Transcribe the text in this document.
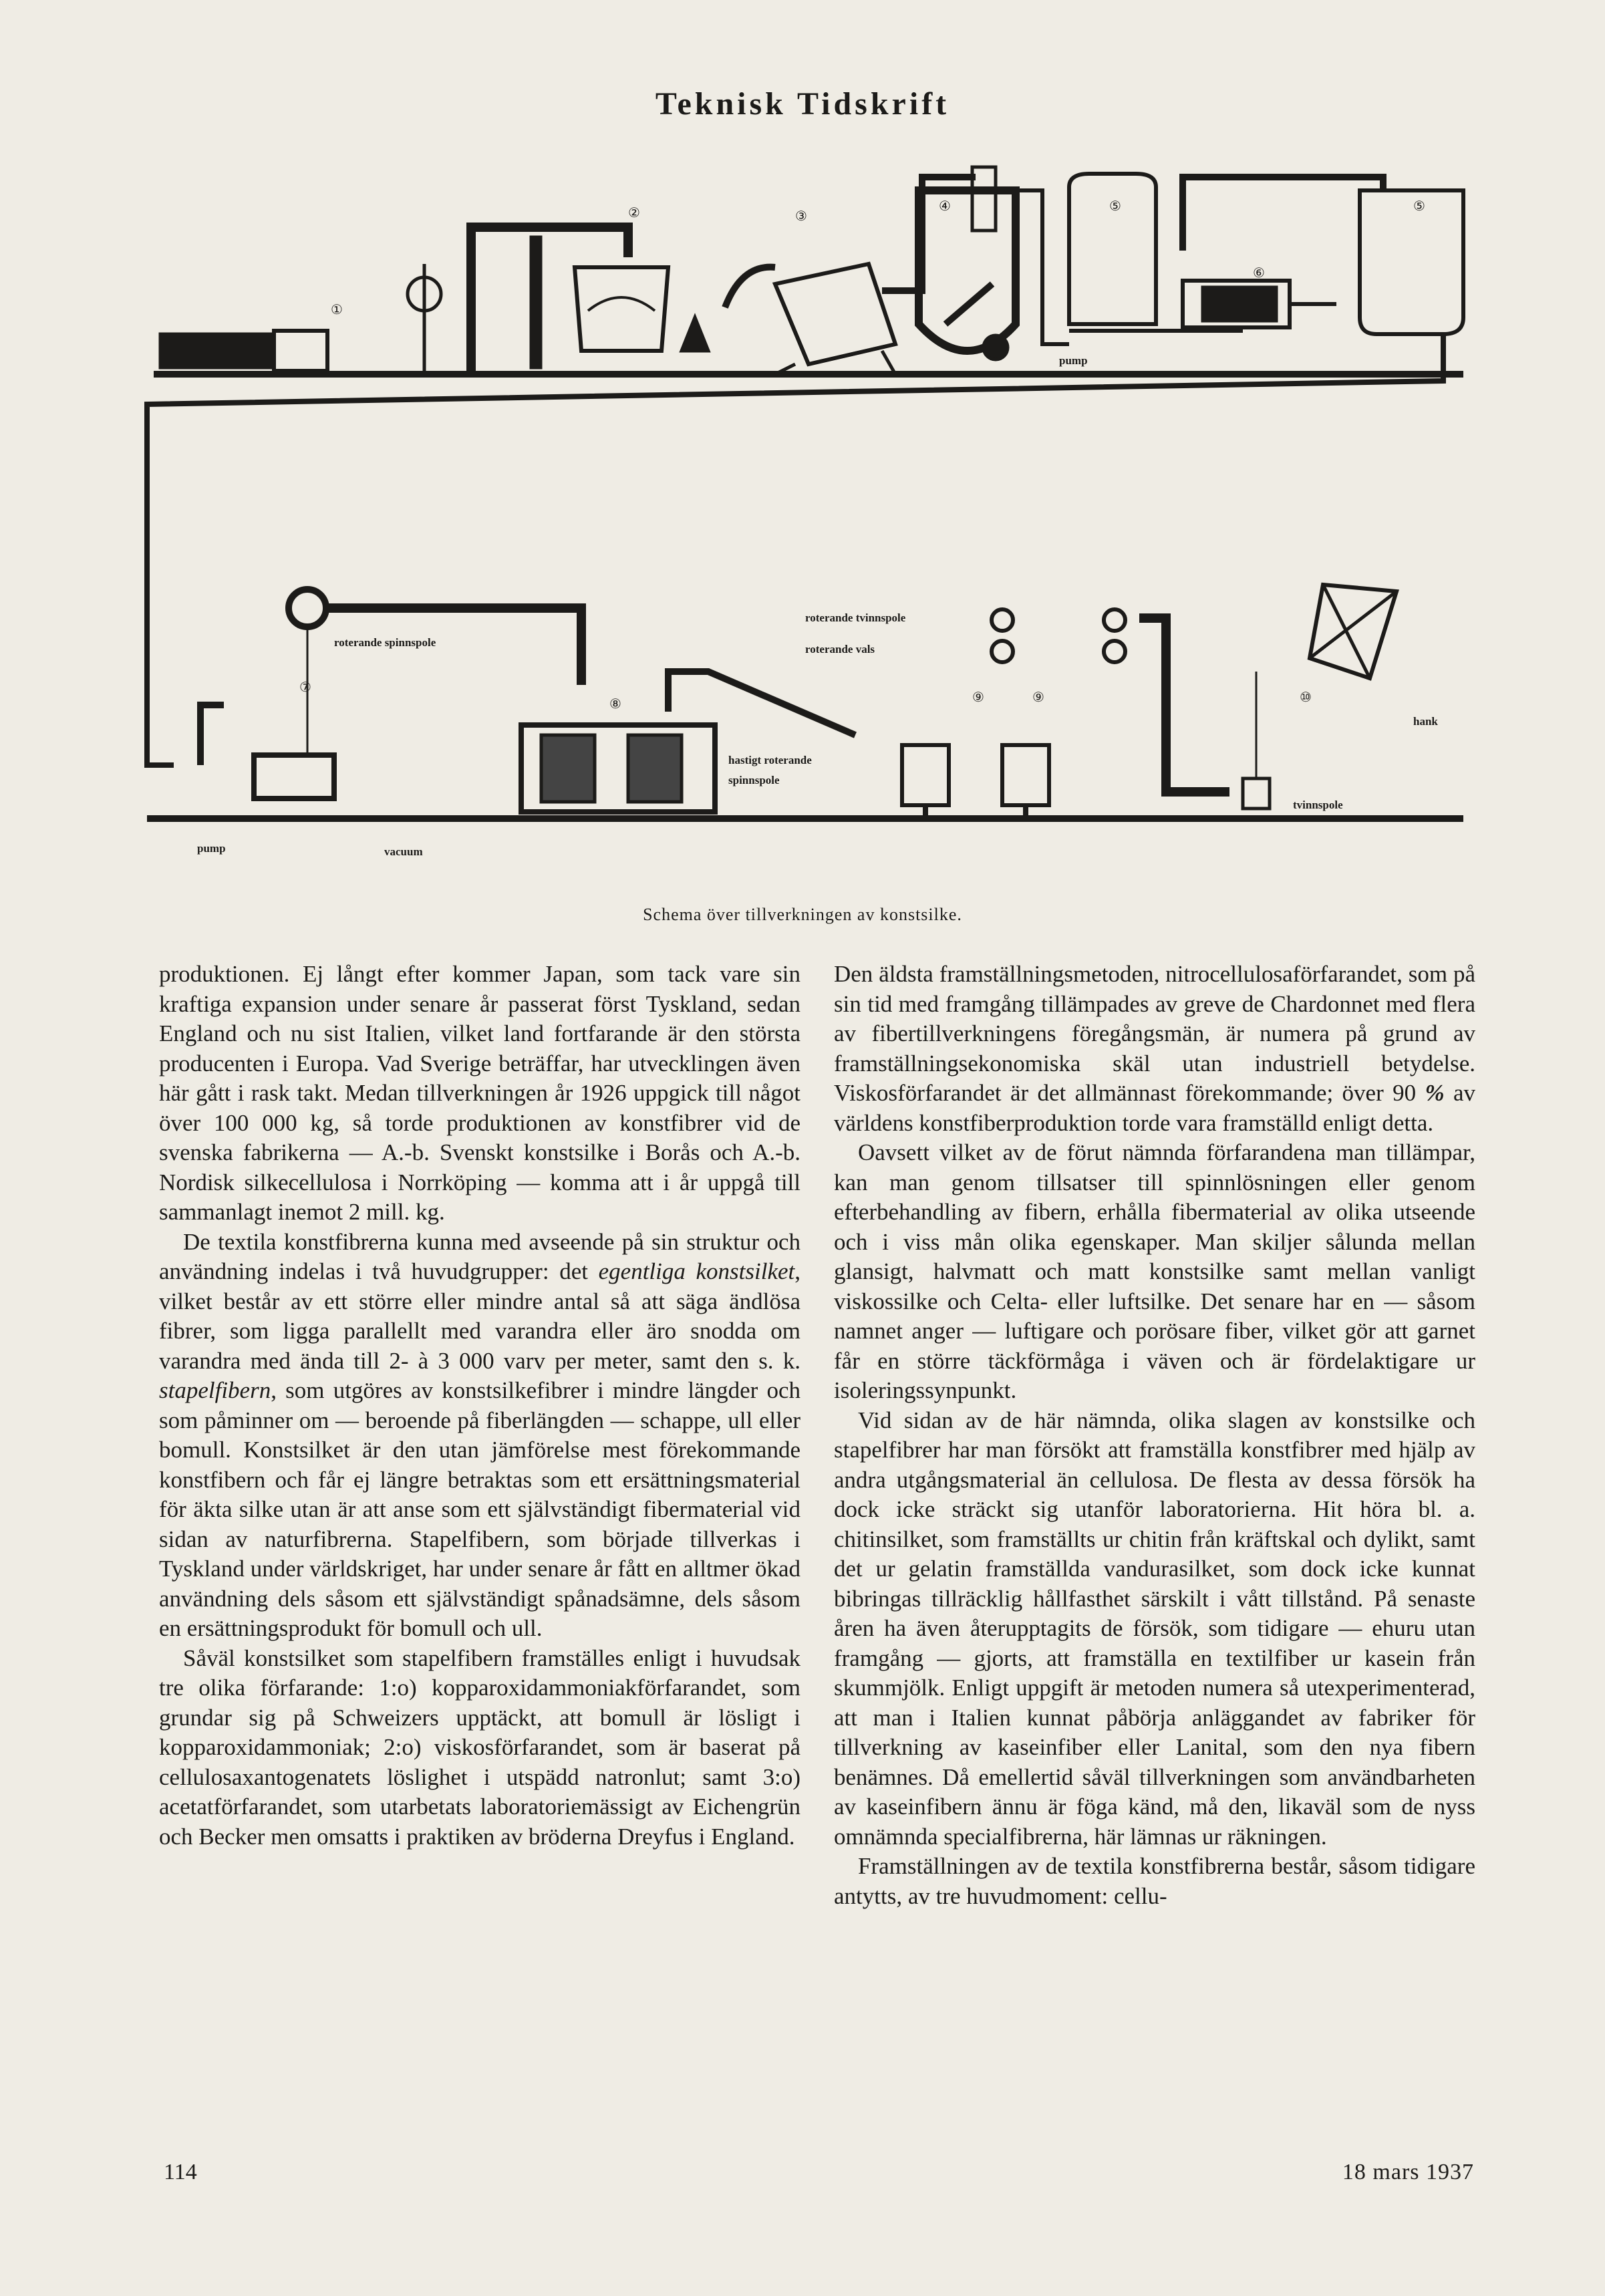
Teknisk Tidskrift
①
②	③
④	⑤	⑤
⑥
⑦
⑧	⑨	⑨	⑩
pump
roterande spinnspole
roterande tvinnspole
roterande vals
hastigt roterande
spinnspole
hank
tvinnspole
pump	vacuum
Schema över tillverkningen av konstsilke.

produktionen. Ej långt efter kommer Japan, som tack vare sin kraftiga expansion under senare år passerat först Tyskland, sedan England och nu sist Italien, vilket land fortfarande är den största producenten i Europa. Vad Sverige beträffar, har utvecklingen även här gått i rask takt. Medan tillverkningen år 1926 uppgick till något över 100 000 kg, så torde produktionen av konstfibrer vid de svenska fabrikerna — A.-b. Svenskt konstsilke i Borås och A.-b. Nordisk silkecellulosa i Norrköping — komma att i år uppgå till sammanlagt inemot 2 mill. kg.

De textila konstfibrerna kunna med avseende på sin struktur och användning indelas i två huvudgrupper: det egentliga konstsilket, vilket består av ett större eller mindre antal så att säga ändlösa fibrer, som ligga parallellt med varandra eller äro snodda om varandra med ända till 2- à 3 000 varv per meter, samt den s. k. stapelfibern, som utgöres av konstsilkefibrer i mindre längder och som påminner om — beroende på fiberlängden — schappe, ull eller bomull. Konstsilket är den utan jämförelse mest förekommande konstfibern och får ej längre betraktas som ett ersättningsmaterial för äkta silke utan är att anse som ett självständigt fibermaterial vid sidan av naturfibrerna. Stapelfibern, som började tillverkas i Tyskland under världskriget, har under senare år fått en alltmer ökad användning dels såsom ett självständigt spånadsämne, dels såsom en ersättningsprodukt för bomull och ull.

Såväl konstsilket som stapelfibern framställes enligt i huvudsak tre olika förfarande: 1:o) kopparoxidammoniakförfarandet, som grundar sig på Schweizers upptäckt, att bomull är lösligt i kopparoxidammoniak; 2:o) viskosförfarandet, som är baserat på cellulosaxantogenatets löslighet i utspädd natronlut; samt 3:o) acetatförfarandet, som utarbetats laboratoriemässigt av Eichengrün och Becker men omsatts i praktiken av bröderna Dreyfus i England.

Den äldsta framställningsmetoden, nitrocellulosaförfarandet, som på sin tid med framgång tillämpades av greve de Chardonnet med flera av fibertillverkningens föregångsmän, är numera på grund av framställningsekonomiska skäl utan industriell betydelse. Viskosförfarandet är det allmännast förekommande; över 90 % av världens konstfiberproduktion torde vara framställd enligt detta.

Oavsett vilket av de förut nämnda förfarandena man tillämpar, kan man genom tillsatser till spinnlösningen eller genom efterbehandling av fibern, erhålla fibermaterial av olika utseende och i viss mån olika egenskaper. Man skiljer sålunda mellan glansigt, halvmatt och matt konstsilke samt mellan vanligt viskossilke och Celta- eller luftsilke. Det senare har en — såsom namnet anger — luftigare och porösare fiber, vilket gör att garnet får en större täckförmåga i väven och är fördelaktigare ur isoleringssynpunkt.

Vid sidan av de här nämnda, olika slagen av konstsilke och stapelfibrer har man försökt att framställa konstfibrer med hjälp av andra utgångsmaterial än cellulosa. De flesta av dessa försök ha dock icke sträckt sig utanför laboratorierna. Hit höra bl. a. chitinsilket, som framställts ur chitin från kräftskal och dylikt, samt det ur gelatin framställda vandurasilket, som dock icke kunnat bibringas tillräcklig hållfasthet särskilt i vått tillstånd. På senaste åren ha även återupptagits de försök, som tidigare — ehuru utan framgång — gjorts, att framställa en textilfiber ur kasein från skummjölk. Enligt uppgift är metoden numera så utexperimenterad, att man i Italien kunnat påbörja anläggandet av fabriker för tillverkning av kaseinfiber eller Lanital, som den nya fibern benämnes. Då emellertid såväl tillverkningen som användbarheten av kaseinfibern ännu är föga känd, må den, likaväl som de nyss omnämnda specialfibrerna, här lämnas ur räkningen.

Framställningen av de textila konstfibrerna består, såsom tidigare antytts, av tre huvudmoment: cellu-

114	18 mars 1937
